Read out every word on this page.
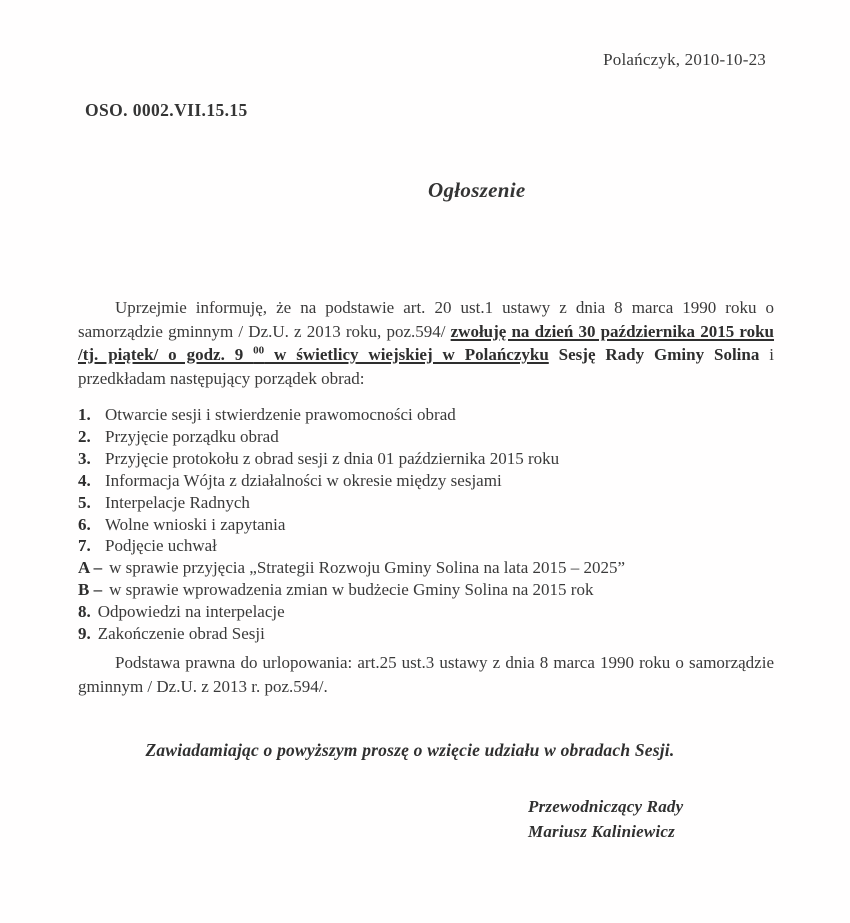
Polańczyk, 2010-10-23
OSO. 0002.VII.15.15
Ogłoszenie

Uprzejmie informuję, że na podstawie art. 20 ust.1 ustawy z dnia 8 marca 1990 roku o samorządzie gminnym / Dz.U. z 2013 roku, poz.594/ zwołuję na dzień 30 października 2015 roku /tj. piątek/ o godz. 9 $^{00}$ w świetlicy wiejskiej w Polańczyku Sesję Rady Gminy Solina i przedkładam następujący porządek obrad:

1. Otwarcie sesji i stwierdzenie prawomocności obrad
2. Przyjęcie porządku obrad
3. Przyjęcie protokołu z obrad sesji z dnia 01 października 2015 roku
4. Informacja Wójta z działalności w okresie między sesjami
5. Interpelacje Radnych
6. Wolne wnioski i zapytania
7. Podjęcie uchwał
A – w sprawie przyjęcia „Strategii Rozwoju Gminy Solina na lata 2015 – 2025”
B – w sprawie wprowadzenia zmian w budżecie Gminy Solina na 2015 rok
8. Odpowiedzi na interpelacje
9. Zakończenie obrad Sesji

Podstawa prawna do urlopowania: art.25 ust.3 ustawy z dnia 8 marca 1990 roku o samorządzie gminnym / Dz.U. z 2013 r. poz.594/.

Zawiadamiając o powyższym proszę o wzięcie udziału w obradach Sesji.
Przewodniczący Rady
Mariusz Kaliniewicz
